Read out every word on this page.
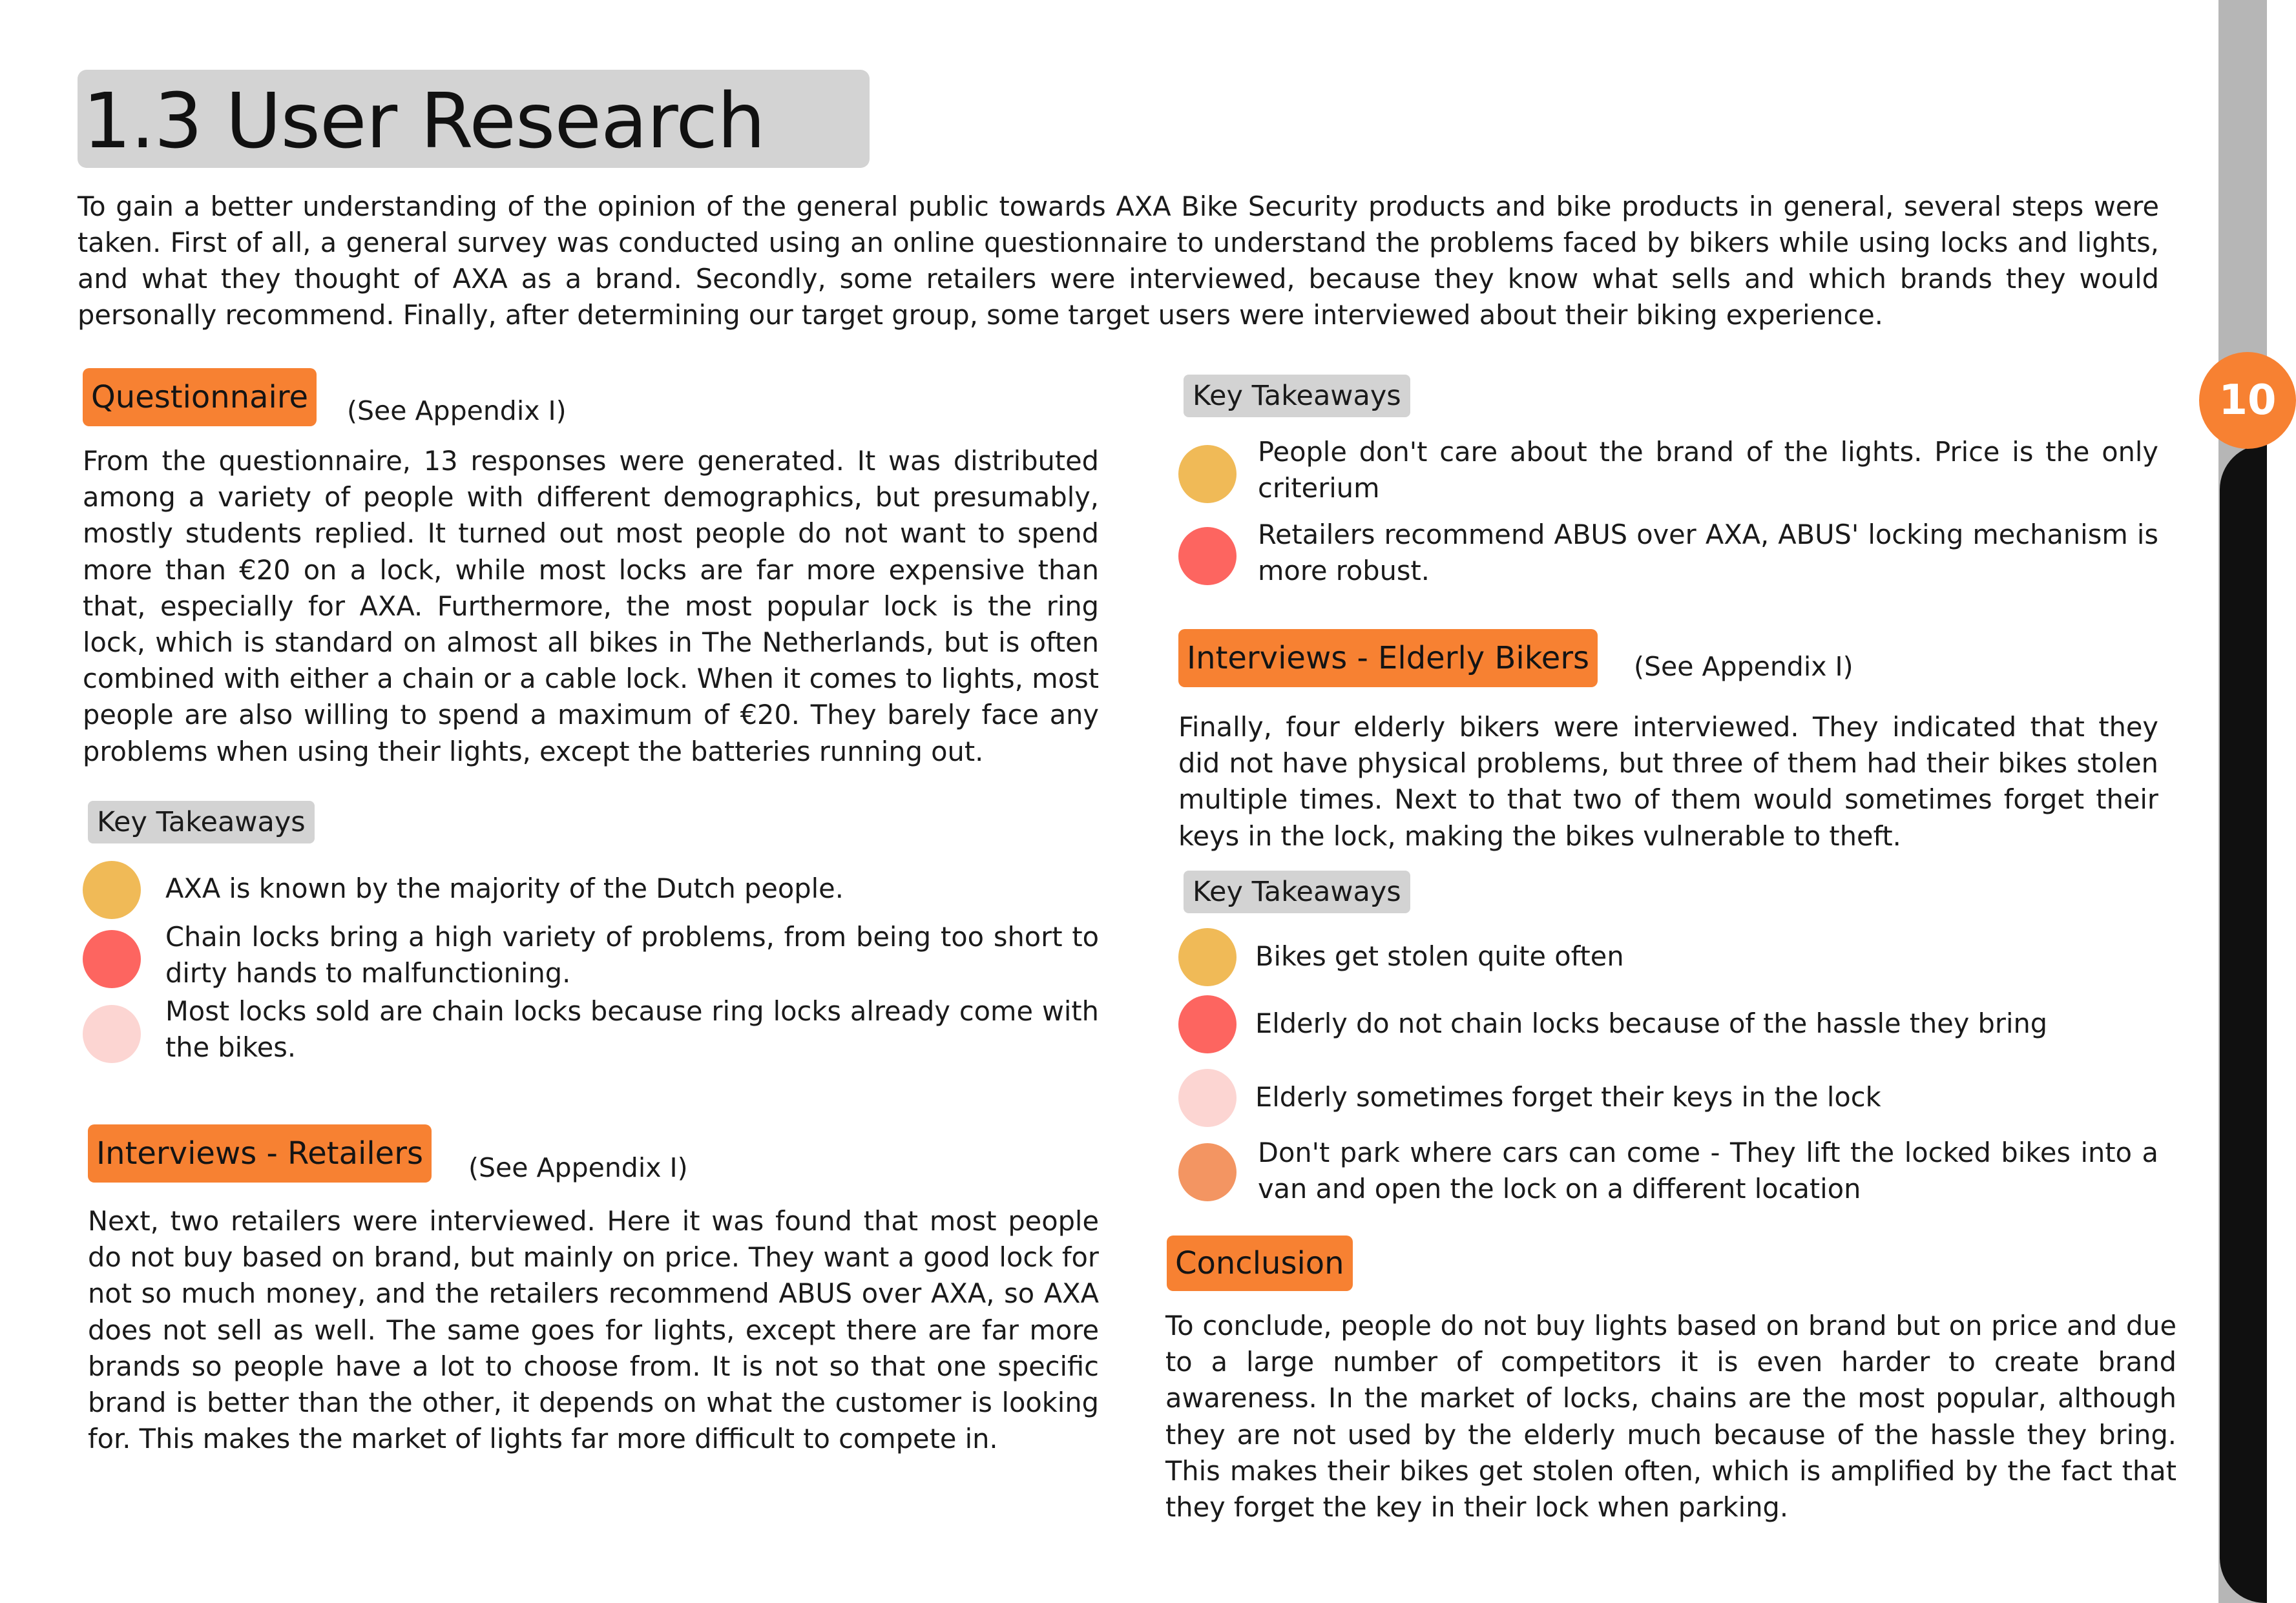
10
1.3 User Research
To gain a better understanding of the opinion of the general public towards AXA Bike Security products and bike products in general, several steps were taken. First of all, a general survey was conducted using an online questionnaire to understand the problems faced by bikers while using locks and lights, and what they thought of AXA as a brand. Secondly, some retailers were interviewed, because they know what sells and which brands they would personally recommend. Finally, after determining our target group, some target users were interviewed about their biking experience.
Questionnaire	(See Appendix I)
From the questionnaire, 13 responses were generated. It was distributed among a variety of people with different demographics, but presumably, mostly students replied. It turned out most people do not want to spend more than €20 on a lock, while most locks are far more expensive than that, especially for AXA. Furthermore, the most popular lock is the ring lock, which is standard on almost all bikes in The Netherlands, but is often combined with either a chain or a cable lock. When it comes to lights, most people are also willing to spend a maximum of €20. They barely face any problems when using their lights, except the batteries running out.
Key Takeaways
AXA is known by the majority of the Dutch people.
Chain locks bring a high variety of problems, from being too short to dirty hands to malfunctioning.
Most locks sold are chain locks because ring locks already come with the bikes.
Interviews - Retailers	(See Appendix I)
Next, two retailers were interviewed. Here it was found that most people do not buy based on brand, but mainly on price. They want a good lock for not so much money, and the retailers recommend ABUS over AXA, so AXA does not sell as well. The same goes for lights, except there are far more brands so people have a lot to choose from. It is not so that one specific brand is better than the other, it depends on what the customer is looking for. This makes the market of lights far more difficult to compete in.
Key Takeaways
People don't care about the brand of the lights. Price is the only criterium
Retailers recommend ABUS over AXA, ABUS' locking mechanism is more robust.
Interviews - Elderly Bikers	(See Appendix I)
Finally, four elderly bikers were interviewed. They indicated that they did not have physical problems, but three of them had their bikes stolen multiple times. Next to that two of them would sometimes forget their keys in the lock, making the bikes vulnerable to theft.
Key Takeaways
Bikes get stolen quite often
Elderly do not chain locks because of the hassle they bring
Elderly sometimes forget their keys in the lock
Don't park where cars can come - They lift the locked bikes into a van and open the lock on a different location
Conclusion
To conclude, people do not buy lights based on brand but on price and due to a large number of competitors it is even harder to create brand awareness. In the market of locks, chains are the most popular, although they are not used by the elderly much because of the hassle they bring. This makes their bikes get stolen often, which is amplified by the fact that they forget the key in their lock when parking.
